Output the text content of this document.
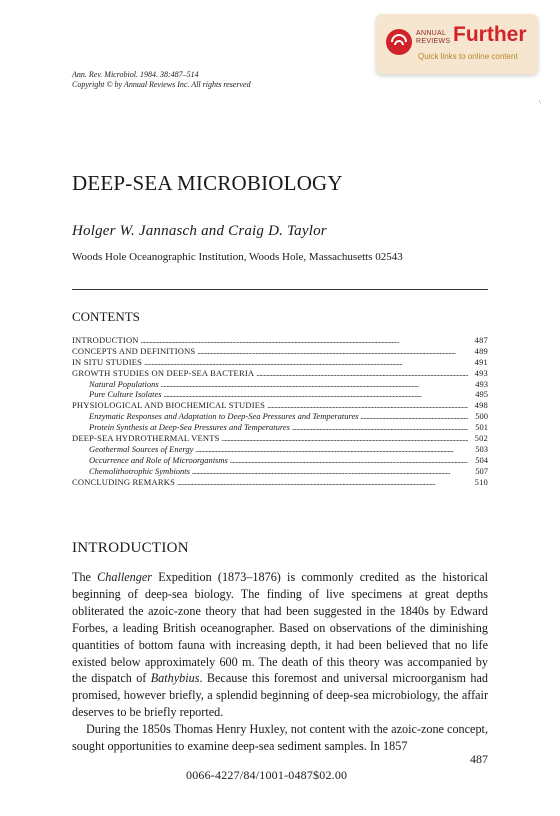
ANNUAL
REVIEWS Further
Quick links to online content
Ann. Rev. Microbiol. 1984. 38:487–514
Copyright © by Annual Reviews Inc. All rights reserved
\
DEEP-SEA MICROBIOLOGY
Holger W. Jannasch and Craig D. Taylor
Woods Hole Oceanographic Institution, Woods Hole, Massachusetts 02543
CONTENTS
INTRODUCTION . . .	487
CONCEPTS AND DEFINITIONS . . .	489
IN SITU STUDIES . . .	491
GROWTH STUDIES ON DEEP-SEA BACTERIA . . .	493
Natural Populations . . .	493
Pure Culture Isolates . . .	495
PHYSIOLOGICAL AND BIOCHEMICAL STUDIES . . .	498
Enzymatic Responses and Adaptation to Deep-Sea Pressures and Temperatures . . .	500
Protein Synthesis at Deep-Sea Pressures and Temperatures . . .	501
DEEP-SEA HYDROTHERMAL VENTS . . .	502
Geothermal Sources of Energy . . .	503
Occurrence and Role of Microorganisms . . .	504
Chemolithotrophic Symbionts . . .	507
CONCLUDING REMARKS . . .	510
INTRODUCTION

The Challenger Expedition (1873–1876) is commonly credited as the historical beginning of deep-sea biology. The finding of live specimens at great depths obliterated the azoic-zone theory that had been suggested in the 1840s by Edward Forbes, a leading British oceanographer. Based on observations of the diminishing quantities of bottom fauna with increasing depth, it had been believed that no life existed below approximately 600 m. The death of this theory was accompanied by the dispatch of Bathybius. Because this foremost and universal microorganism had promised, however briefly, a splendid beginning of deep-sea microbiology, the affair deserves to be briefly reported.

During the 1850s Thomas Henry Huxley, not content with the azoic-zone concept, sought opportunities to examine deep-sea sediment samples. In 1857

487
0066-4227/84/1001-0487$02.00
